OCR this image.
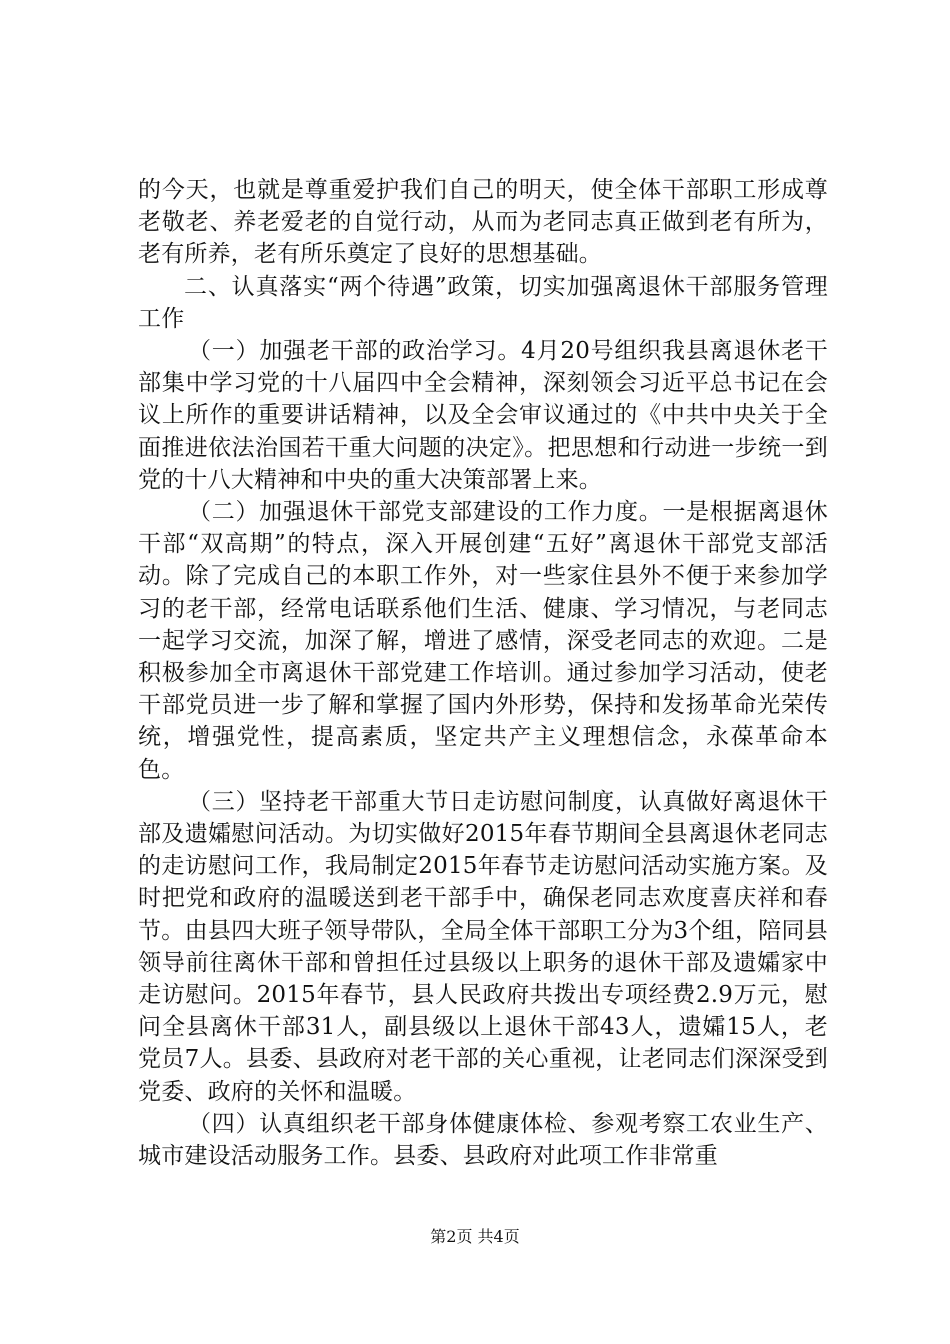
的今天，也就是尊重爱护我们自己的明天，使全体干部职工形成尊老敬老、养老爱老的自觉行动，从而为老同志真正做到老有所为，老有所养，老有所乐奠定了良好的思想基础。

二、认真落实“两个待遇”政策，切实加强离退休干部服务管理工作

（一）加强老干部的政治学习。4月20号组织我县离退休老干部集中学习党的十八届四中全会精神，深刻领会习近平总书记在会议上所作的重要讲话精神，以及全会审议通过的《中共中央关于全面推进依法治国若干重大问题的决定》。把思想和行动进一步统一到党的十八大精神和中央的重大决策部署上来。

（二）加强退休干部党支部建设的工作力度。一是根据离退休干部“双高期”的特点，深入开展创建“五好”离退休干部党支部活动。除了完成自己的本职工作外，对一些家住县外不便于来参加学习的老干部，经常电话联系他们生活、健康、学习情况，与老同志一起学习交流，加深了解，增进了感情，深受老同志的欢迎。二是积极参加全市离退休干部党建工作培训。通过参加学习活动，使老干部党员进一步了解和掌握了国内外形势，保持和发扬革命光荣传统，增强党性，提高素质，坚定共产主义理想信念，永葆革命本色。

（三）坚持老干部重大节日走访慰问制度，认真做好离退休干部及遗孀慰问活动。为切实做好2015年春节期间全县离退休老同志的走访慰问工作，我局制定2015年春节走访慰问活动实施方案。及时把党和政府的温暖送到老干部手中，确保老同志欢度喜庆祥和春节。由县四大班子领导带队，全局全体干部职工分为3个组，陪同县领导前往离休干部和曾担任过县级以上职务的退休干部及遗孀家中走访慰问。2015年春节，县人民政府共拨出专项经费2.9万元，慰问全县离休干部31人，副县级以上退休干部43人，遗孀15人，老党员7人。县委、县政府对老干部的关心重视，让老同志们深深受到党委、政府的关怀和温暖。

（四）认真组织老干部身体健康体检、参观考察工农业生产、城市建设活动服务工作。县委、县政府对此项工作非常重

第2页 共4页
